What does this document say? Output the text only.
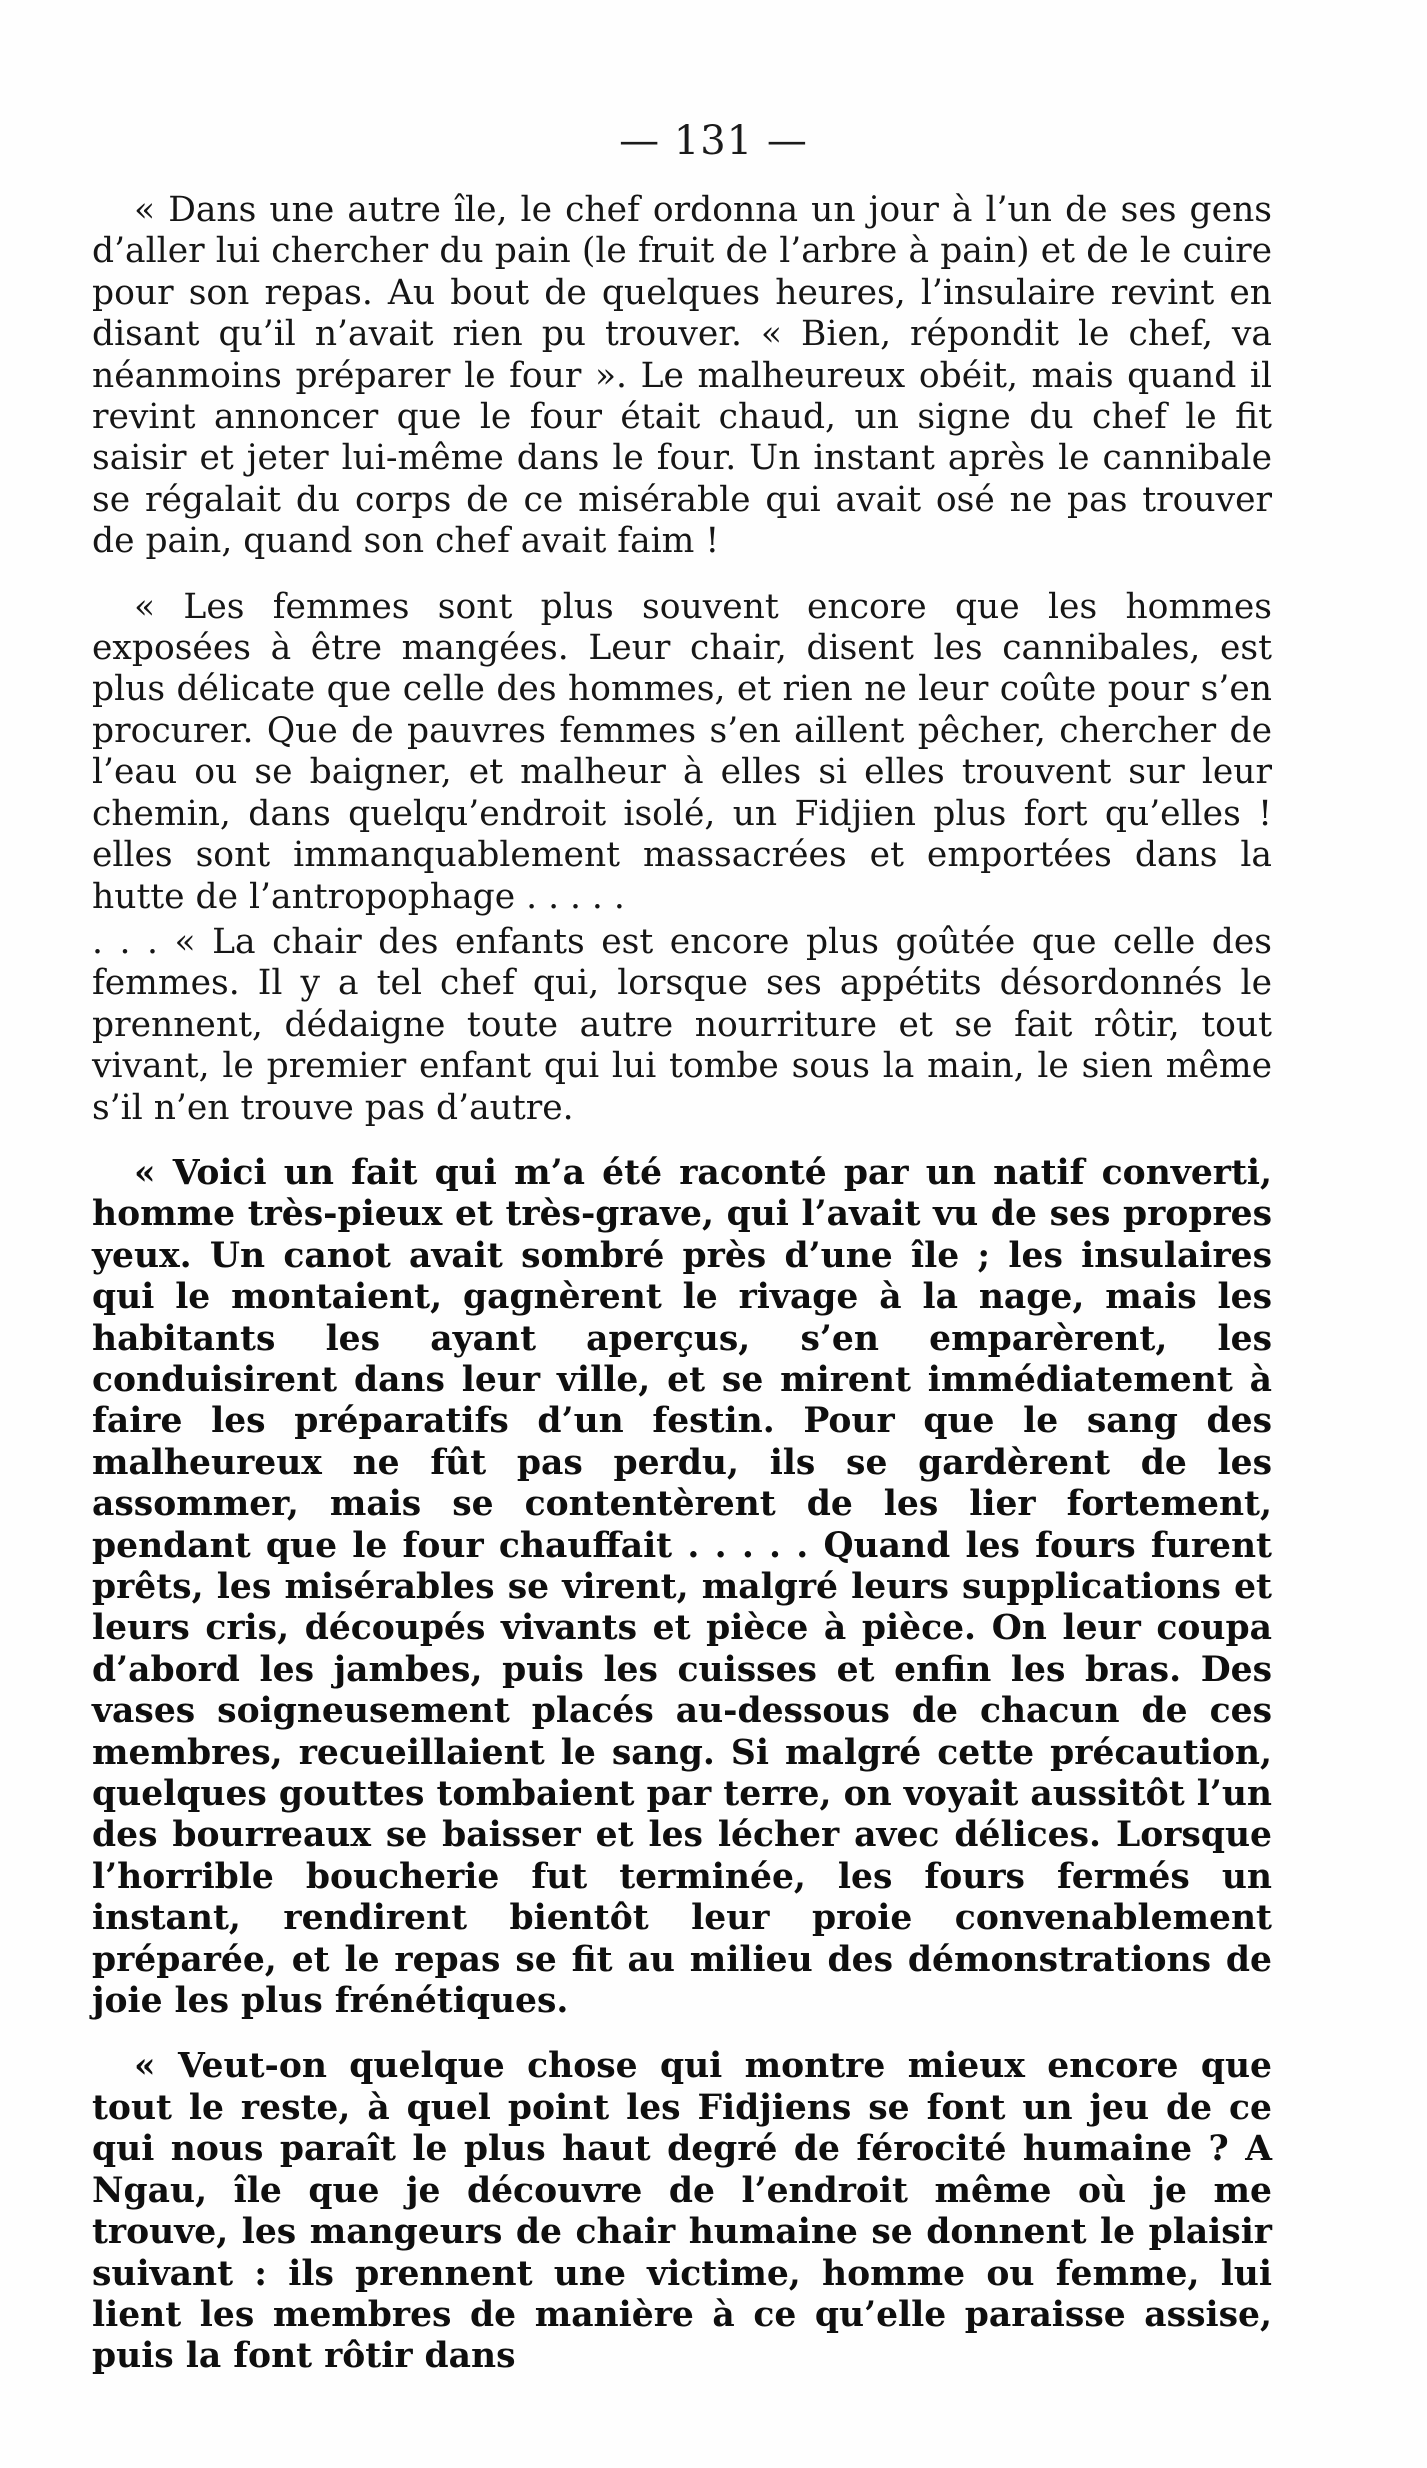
— 131 —

« Dans une autre île, le chef ordonna un jour à l’un de ses gens d’aller lui chercher du pain (le fruit de l’arbre à pain) et de le cuire pour son repas. Au bout de quelques heures, l’insulaire revint en disant qu’il n’avait rien pu trouver. « Bien, répondit le chef, va néanmoins préparer le four ». Le malheureux obéit, mais quand il revint annoncer que le four était chaud, un signe du chef le fit saisir et jeter lui-même dans le four. Un instant après le cannibale se régalait du corps de ce misérable qui avait osé ne pas trouver de pain, quand son chef avait faim !

« Les femmes sont plus souvent encore que les hommes exposées à être mangées. Leur chair, disent les cannibales, est plus délicate que celle des hommes, et rien ne leur coûte pour s’en procurer. Que de pauvres femmes s’en aillent pêcher, chercher de l’eau ou se baigner, et malheur à elles si elles trouvent sur leur chemin, dans quelqu’endroit isolé, un Fidjien plus fort qu’elles ! elles sont immanquablement massacrées et emportées dans la hutte de l’antropophage . . . . .

. . . « La chair des enfants est encore plus goûtée que celle des femmes. Il y a tel chef qui, lorsque ses appétits désordonnés le prennent, dédaigne toute autre nourriture et se fait rôtir, tout vivant, le premier enfant qui lui tombe sous la main, le sien même s’il n’en trouve pas d’autre.

« Voici un fait qui m’a été raconté par un natif converti, homme très-pieux et très-grave, qui l’avait vu de ses propres yeux. Un canot avait sombré près d’une île ; les insulaires qui le montaient, gagnèrent le rivage à la nage, mais les habitants les ayant aperçus, s’en emparèrent, les conduisirent dans leur ville, et se mirent immédiatement à faire les préparatifs d’un festin. Pour que le sang des malheureux ne fût pas perdu, ils se gardèrent de les assommer, mais se contentèrent de les lier fortement, pendant que le four chauffait . . . . . Quand les fours furent prêts, les misérables se virent, malgré leurs supplications et leurs cris, découpés vivants et pièce à pièce. On leur coupa d’abord les jambes, puis les cuisses et enfin les bras. Des vases soigneusement placés au-dessous de chacun de ces membres, recueillaient le sang. Si malgré cette précaution, quelques gouttes tombaient par terre, on voyait aussitôt l’un des bourreaux se baisser et les lécher avec délices. Lorsque l’horrible boucherie fut terminée, les fours fermés un instant, rendirent bientôt leur proie convenablement préparée, et le repas se fit au milieu des démonstrations de joie les plus frénétiques.

« Veut-on quelque chose qui montre mieux encore que tout le reste, à quel point les Fidjiens se font un jeu de ce qui nous paraît le plus haut degré de férocité humaine ? A Ngau, île que je découvre de l’endroit même où je me trouve, les mangeurs de chair humaine se donnent le plaisir suivant : ils prennent une victime, homme ou femme, lui lient les membres de manière à ce qu’elle paraisse assise, puis la font rôtir dans
